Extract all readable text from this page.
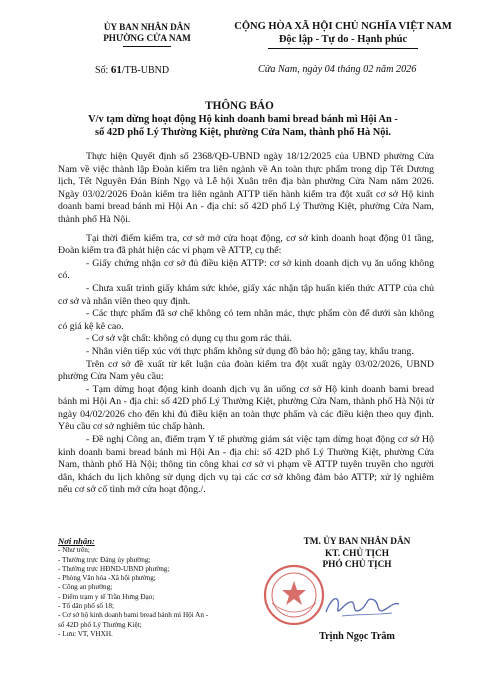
ỦY BAN NHÂN DÂN
PHƯỜNG CỬA NAM
CỘNG HÒA XÃ HỘI CHỦ NGHĨA VIỆT NAM
Độc lập - Tự do - Hạnh phúc
Số: 61/TB-UBND	Cửa Nam, ngày 04 tháng 02 năm 2026
THÔNG BÁO
V/v tạm dừng hoạt động Hộ kinh doanh bami bread bánh mì Hội An -
số 42D phố Lý Thường Kiệt, phường Cửa Nam, thành phố Hà Nội.

Thực hiện Quyết định số 2368/QĐ-UBND ngày 18/12/2025 của UBND phường Cửa Nam về việc thành lập Đoàn kiểm tra liên ngành về An toàn thực phẩm trong dịp Tết Dương lịch, Tết Nguyên Đán Bính Ngọ và Lễ hội Xuân trên địa bàn phường Cửa Nam năm 2026. Ngày 03/02/2026 Đoàn kiểm tra liên ngành ATTP tiến hành kiểm tra đột xuất cơ sở Hộ kinh doanh bami bread bánh mì Hội An - địa chỉ: số 42D phố Lý Thường Kiệt, phường Cửa Nam, thành phố Hà Nội.

Tại thời điểm kiểm tra, cơ sở mở cửa hoạt động, cơ sở kinh doanh hoạt động 01 tầng, Đoàn kiểm tra đã phát hiện các vi phạm về ATTP, cụ thể:

- Giấy chứng nhận cơ sở đủ điều kiện ATTP: cơ sở kinh doanh dịch vụ ăn uống không có.

- Chưa xuất trình giấy khám sức khỏe, giấy xác nhận tập huấn kiến thức ATTP của chủ cơ sở và nhân viên theo quy định.

- Các thực phẩm đã sơ chế không có tem nhãn mác, thực phẩm còn để dưới sàn không có giá kệ kê cao.

- Cơ sở vật chất: không có dụng cụ thu gom rác thải.

- Nhân viên tiếp xúc với thực phẩm không sử dụng đồ bảo hộ; găng tay, khẩu trang.

Trên cơ sở đề xuất từ kết luận của đoàn kiểm tra đột xuất ngày 03/02/2026, UBND phường Cửa Nam yêu cầu:

- Tạm dừng hoạt động kinh doanh dịch vụ ăn uống cơ sở Hộ kinh doanh bami bread bánh mì Hội An - địa chỉ: số 42D phố Lý Thường Kiệt, phường Cửa Nam, thành phố Hà Nội từ ngày 04/02/2026 cho đến khi đủ điều kiện an toàn thực phẩm và các điều kiện theo quy định. Yêu cầu cơ sở nghiêm túc chấp hành.

- Đề nghị Công an, điểm trạm Y tế phường giám sát việc tạm dừng hoạt động cơ sở Hộ kinh doanh bami bread bánh mì Hội An - địa chỉ: số 42D phố Lý Thường Kiệt, phường Cửa Nam, thành phố Hà Nội; thông tin công khai cơ sở vi phạm về ATTP tuyên truyền cho người dân, khách du lịch không sử dụng dịch vụ tại các cơ sở không đảm bảo ATTP; xử lý nghiêm nếu cơ sở cố tình mở cửa hoạt động./.

Nơi nhận:
- Như trên;
- Thường trực Đảng ủy phường;
- Thường trực HĐND-UBND phường;
- Phòng Văn hóa -Xã hội phường;
- Công an phường;
- Điểm trạm y tế Trần Hưng Đạo;
- Tổ dân phố số 18;
- Cơ sở hộ kinh doanh bami bread bánh mì Hội An -
số 42D phố Lý Thường Kiệt;
- Lưu: VT, VHXH.
TM. ỦY BAN NHÂN DÂN
KT. CHỦ TỊCH
PHÓ CHỦ TỊCH
Trịnh Ngọc Trâm
